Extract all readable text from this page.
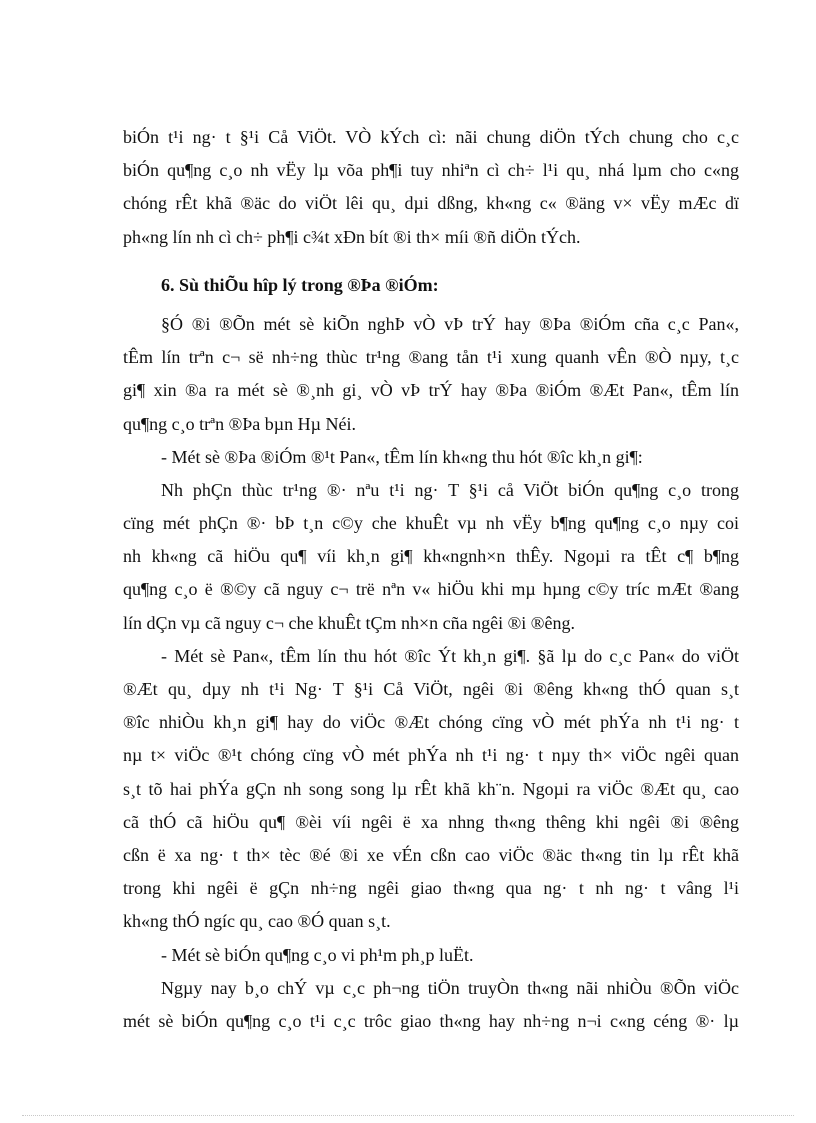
biÓn t¹i ng· t §¹i Cå ViÖt. VÒ kÝch cì: nãi chung diÖn tÝch chung cho c¸c
biÓn qu¶ng c¸o nh vËy lµ võa ph¶i tuy nhiªn cì ch÷ l¹i qu¸ nhá lµm cho c«ng
chóng rÊt khã ®äc do viÖt lêi qu¸ dµi dßng, kh«ng c« ®äng v× vËy mÆc dï
ph«ng lín nh cì ch÷ ph¶i c¾t xÐn bít ®i th× míi ®ñ diÖn tÝch.
6. Sù thiÕu hîp lý trong ®Þa ®iÓm:
§Ó ®i ®Õn mét sè kiÕn nghÞ vÒ vÞ trÝ hay ®Þa ®iÓm cña c¸c Pan«,
tÊm lín trªn c¬ së nh÷ng thùc tr¹ng ®ang tån t¹i xung quanh vÊn ®Ò nµy, t¸c
gi¶ xin ®a ra mét sè ®¸nh gi¸ vÒ vÞ trÝ hay ®Þa ®iÓm ®Æt Pan«, tÊm lín
qu¶ng c¸o trªn ®Þa bµn Hµ Néi.
- Mét sè ®Þa ®iÓm ®¹t Pan«, tÊm lín kh«ng thu hót ®îc kh¸n gi¶:
Nh phÇn thùc tr¹ng ®· nªu t¹i ng· T §¹i cå ViÖt biÓn qu¶ng c¸o trong
cïng mét phÇn ®· bÞ t¸n c©y che khuÊt vµ nh vËy b¶ng qu¶ng c¸o nµy coi
nh kh«ng cã hiÖu qu¶ víi kh¸n gi¶ kh«ngnh×n thÊy. Ngoµi ra tÊt c¶ b¶ng
qu¶ng c¸o ë ®©y cã nguy c¬ trë nªn v« hiÖu khi mµ hµng c©y tríc mÆt ®ang
lín dÇn vµ cã nguy c¬ che khuÊt tÇm nh×n cña ngêi ®i ®êng.
- Mét sè Pan«, tÊm lín thu hót ®îc Ýt kh¸n gi¶. §ã lµ do c¸c Pan« do viÖt
®Æt qu¸ dµy nh t¹i Ng· T §¹i Cå ViÖt, ngêi ®i ®êng kh«ng thÓ quan s¸t
®îc nhiÒu kh¸n gi¶ hay do viÖc ®Æt chóng cïng vÒ mét phÝa nh t¹i ng· t
nµ t× viÖc ®¹t chóng cïng vÒ mét phÝa nh t¹i ng· t nµy th× viÖc ngêi quan
s¸t tõ hai phÝa gÇn nh song song lµ rÊt khã kh¨n. Ngoµi ra viÖc ®Æt qu¸ cao
cã thÓ cã hiÖu qu¶ ®èi víi ngêi ë xa nhng th«ng thêng khi ngêi ®i ®êng
cßn ë xa ng· t th× tèc ®é ®i xe vÉn cßn cao viÖc ®äc th«ng tin lµ rÊt khã
trong khi ngêi ë gÇn nh÷ng ngêi giao th«ng qua ng· t nh ng· t vâng l¹i
kh«ng thÓ ngíc qu¸ cao ®Ó quan s¸t.
- Mét sè biÓn qu¶ng c¸o vi ph¹m ph¸p luËt.
Ngµy nay b¸o chÝ vµ c¸c ph¬ng tiÖn truyÒn th«ng nãi nhiÒu ®Õn viÖc
mét sè biÓn qu¶ng c¸o t¹i c¸c trôc giao th«ng hay nh÷ng n¬i c«ng céng ®· lµ
